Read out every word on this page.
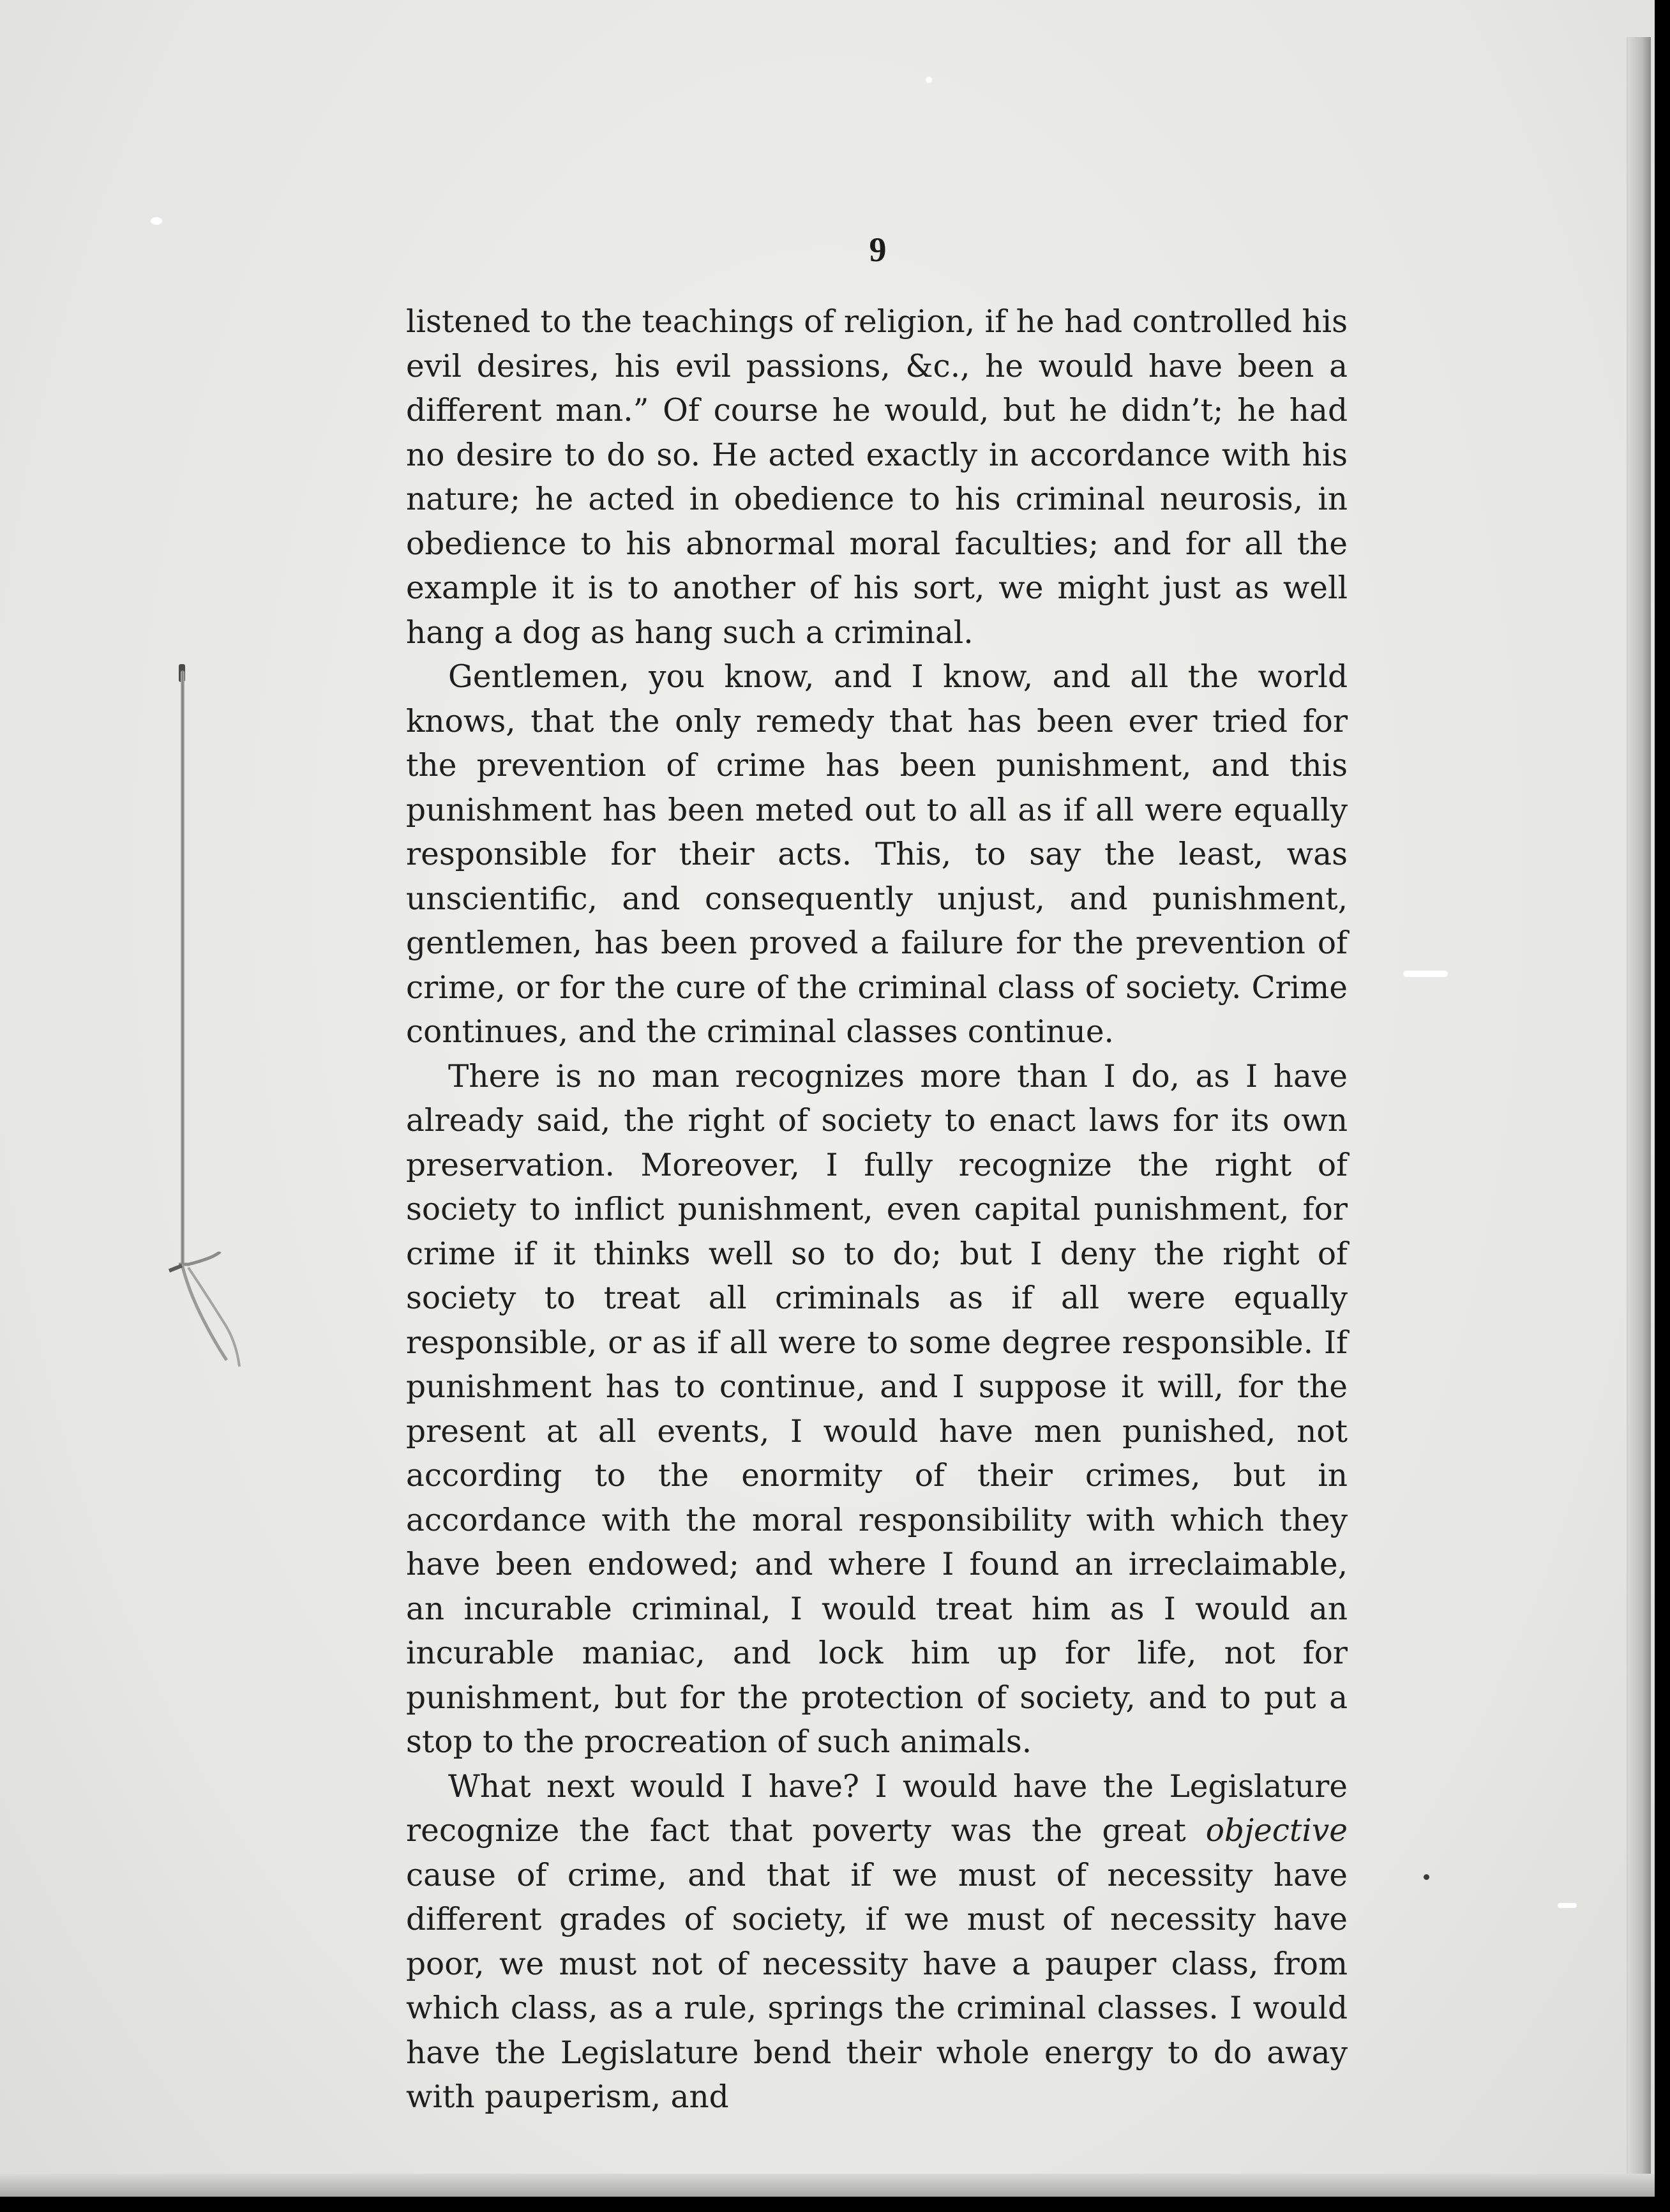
9

listened to the teachings of religion, if he had controlled his evil desires, his evil passions, &c., he would have been a different man.” Of course he would, but he didn’t; he had no desire to do so. He acted exactly in accordance with his nature; he acted in obedience to his criminal neurosis, in obedience to his abnormal moral faculties; and for all the example it is to another of his sort, we might just as well hang a dog as hang such a criminal.

Gentlemen, you know, and I know, and all the world knows, that the only remedy that has been ever tried for the prevention of crime has been punishment, and this punishment has been meted out to all as if all were equally responsible for their acts. This, to say the least, was unscientific, and consequently unjust, and punishment, gentlemen, has been proved a failure for the prevention of crime, or for the cure of the criminal class of society. Crime continues, and the criminal classes continue.

There is no man recognizes more than I do, as I have already said, the right of society to enact laws for its own preservation. Moreover, I fully recognize the right of society to inflict punishment, even capital punishment, for crime if it thinks well so to do; but I deny the right of society to treat all criminals as if all were equally responsible, or as if all were to some degree responsible. If punishment has to continue, and I suppose it will, for the present at all events, I would have men punished, not according to the enormity of their crimes, but in accordance with the moral responsibility with which they have been endowed; and where I found an irreclaimable, an incurable criminal, I would treat him as I would an incurable maniac, and lock him up for life, not for punishment, but for the protection of society, and to put a stop to the procreation of such animals.

What next would I have? I would have the Legislature recognize the fact that poverty was the great objective cause of crime, and that if we must of necessity have different grades of society, if we must of necessity have poor, we must not of necessity have a pauper class, from which class, as a rule, springs the criminal classes. I would have the Legislature bend their whole energy to do away with pauperism, and
